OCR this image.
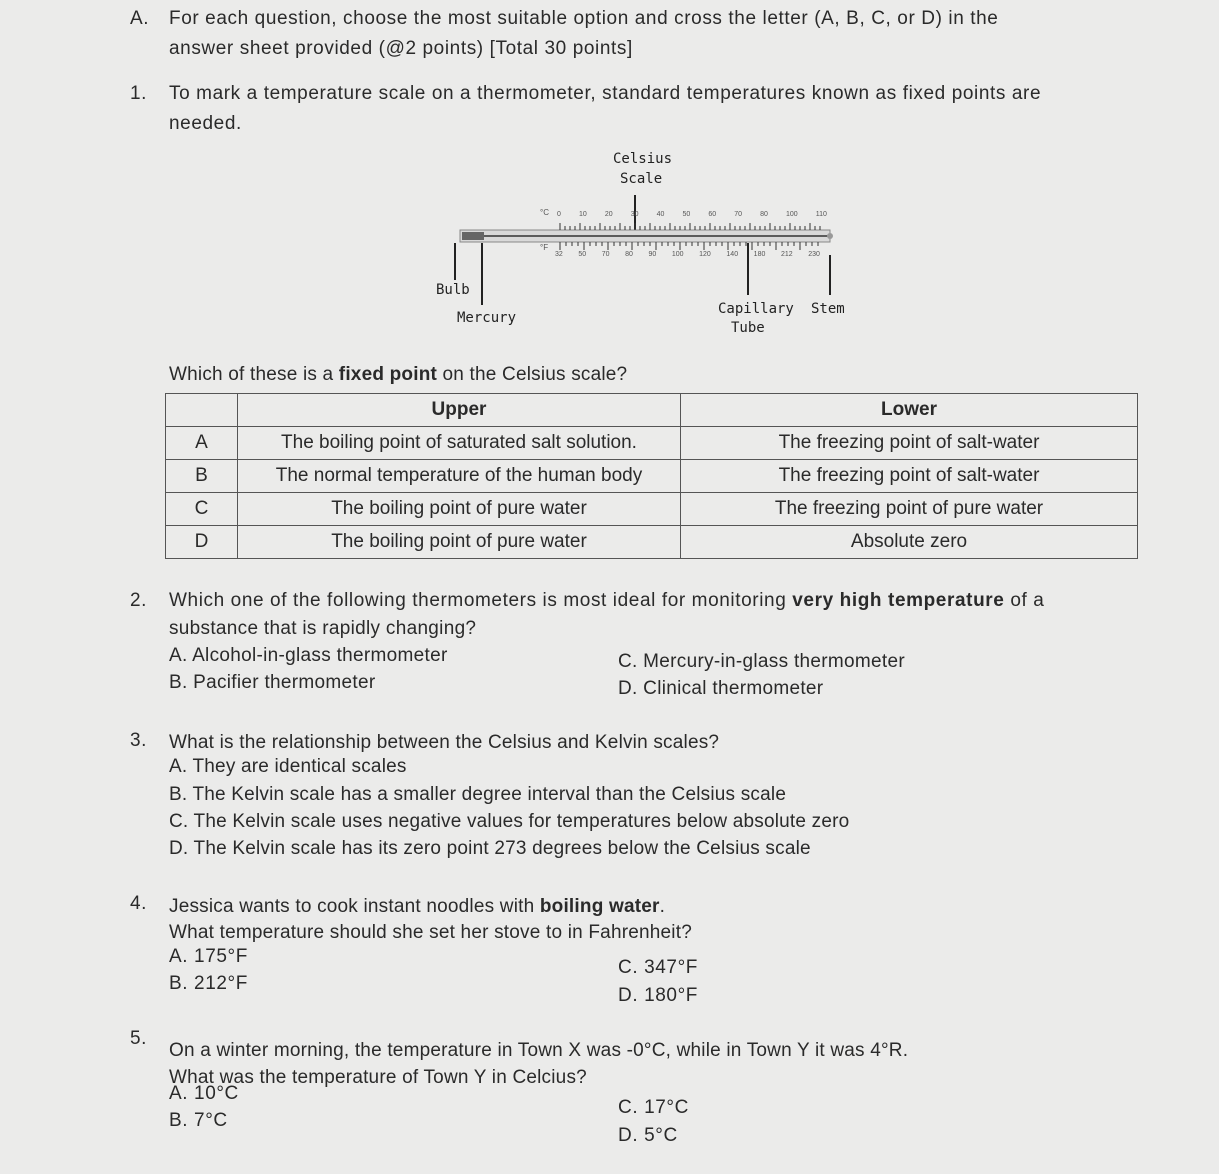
A. For each question, choose the most suitable option and cross the letter (A, B, C, or D) in the
answer sheet provided (@2 points) [Total 30 points]
1. To mark a temperature scale on a thermometer, standard temperatures known as fixed points are
needed.
Celsius
Scale
°C
°F
0	10	20	30	40	50	60	70	80	100	110
32 50 70 80 90 100 120 140 180 212 230
Bulb
Mercury
Capillary
Tube
Stem
Which of these is a fixed point on the Celsius scale?
	Upper	Lower
A	The boiling point of saturated salt solution.	The freezing point of salt-water
B	The normal temperature of the human body	The freezing point of salt-water
C	The boiling point of pure water	The freezing point of pure water
D	The boiling point of pure water	Absolute zero
2. Which one of the following thermometers is most ideal for monitoring very high temperature of a
substance that is rapidly changing?
A. Alcohol-in-glass thermometer
B. Pacifier thermometer
C. Mercury-in-glass thermometer
D. Clinical thermometer
3. What is the relationship between the Celsius and Kelvin scales?
A. They are identical scales
B. The Kelvin scale has a smaller degree interval than the Celsius scale
C. The Kelvin scale uses negative values for temperatures below absolute zero
D. The Kelvin scale has its zero point 273 degrees below the Celsius scale
4. Jessica wants to cook instant noodles with boiling water.
What temperature should she set her stove to in Fahrenheit?
A. 175°F
B. 212°F
C. 347°F
D. 180°F
5.
On a winter morning, the temperature in Town X was -0°C, while in Town Y it was 4°R.
What was the temperature of Town Y in Celcius?
A. 10°C
B. 7°C
C. 17°C
D. 5°C
